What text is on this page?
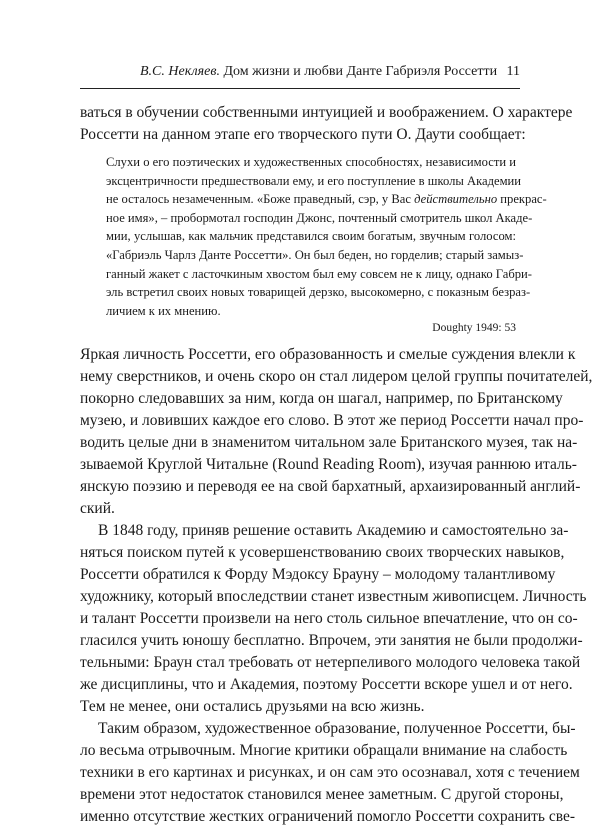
В.С. Некляев. Дом жизни и любви Данте Габриэля Россетти 11
ваться в обучении собственными интуицией и воображением. О характере
Россетти на данном этапе его творческого пути О. Даути сообщает:
Слухи о его поэтических и художественных способностях, независимости и
эксцентричности предшествовали ему, и его поступление в школы Академии
не осталось незамеченным. «Боже праведный, сэр, у Вас действительно прекрас-
ное имя», – пробормотал господин Джонс, почтенный смотритель школ Акаде-
мии, услышав, как мальчик представился своим богатым, звучным голосом:
«Габриэль Чарлз Данте Россетти». Он был беден, но горделив; старый замыз-
ганный жакет с ласточкиным хвостом был ему совсем не к лицу, однако Габри-
эль встретил своих новых товарищей дерзко, высокомерно, с показным безраз-
личием к их мнению.
Doughty 1949: 53
Яркая личность Россетти, его образованность и смелые суждения влекли к
нему сверстников, и очень скоро он стал лидером целой группы почитателей,
покорно следовавших за ним, когда он шагал, например, по Британскому
музею, и ловивших каждое его слово. В этот же период Россетти начал про-
водить целые дни в знаменитом читальном зале Британского музея, так на-
зываемой Круглой Читальне (Round Reading Room), изучая раннюю италь-
янскую поэзию и переводя ее на свой бархатный, архаизированный англий-
ский.
В 1848 году, приняв решение оставить Академию и самостоятельно за-
няться поиском путей к усовершенствованию своих творческих навыков,
Россетти обратился к Форду Мэдоксу Брауну – молодому талантливому
художнику, который впоследствии станет известным живописцем. Личность
и талант Россетти произвели на него столь сильное впечатление, что он со-
гласился учить юношу бесплатно. Впрочем, эти занятия не были продолжи-
тельными: Браун стал требовать от нетерпеливого молодого человека такой
же дисциплины, что и Академия, поэтому Россетти вскоре ушел и от него.
Тем не менее, они остались друзьями на всю жизнь.
Таким образом, художественное образование, полученное Россетти, бы-
ло весьма отрывочным. Многие критики обращали внимание на слабость
техники в его картинах и рисунках, и он сам это осознавал, хотя с течением
времени этот недостаток становился менее заметным. С другой стороны,
именно отсутствие жестких ограничений помогло Россетти сохранить све-
